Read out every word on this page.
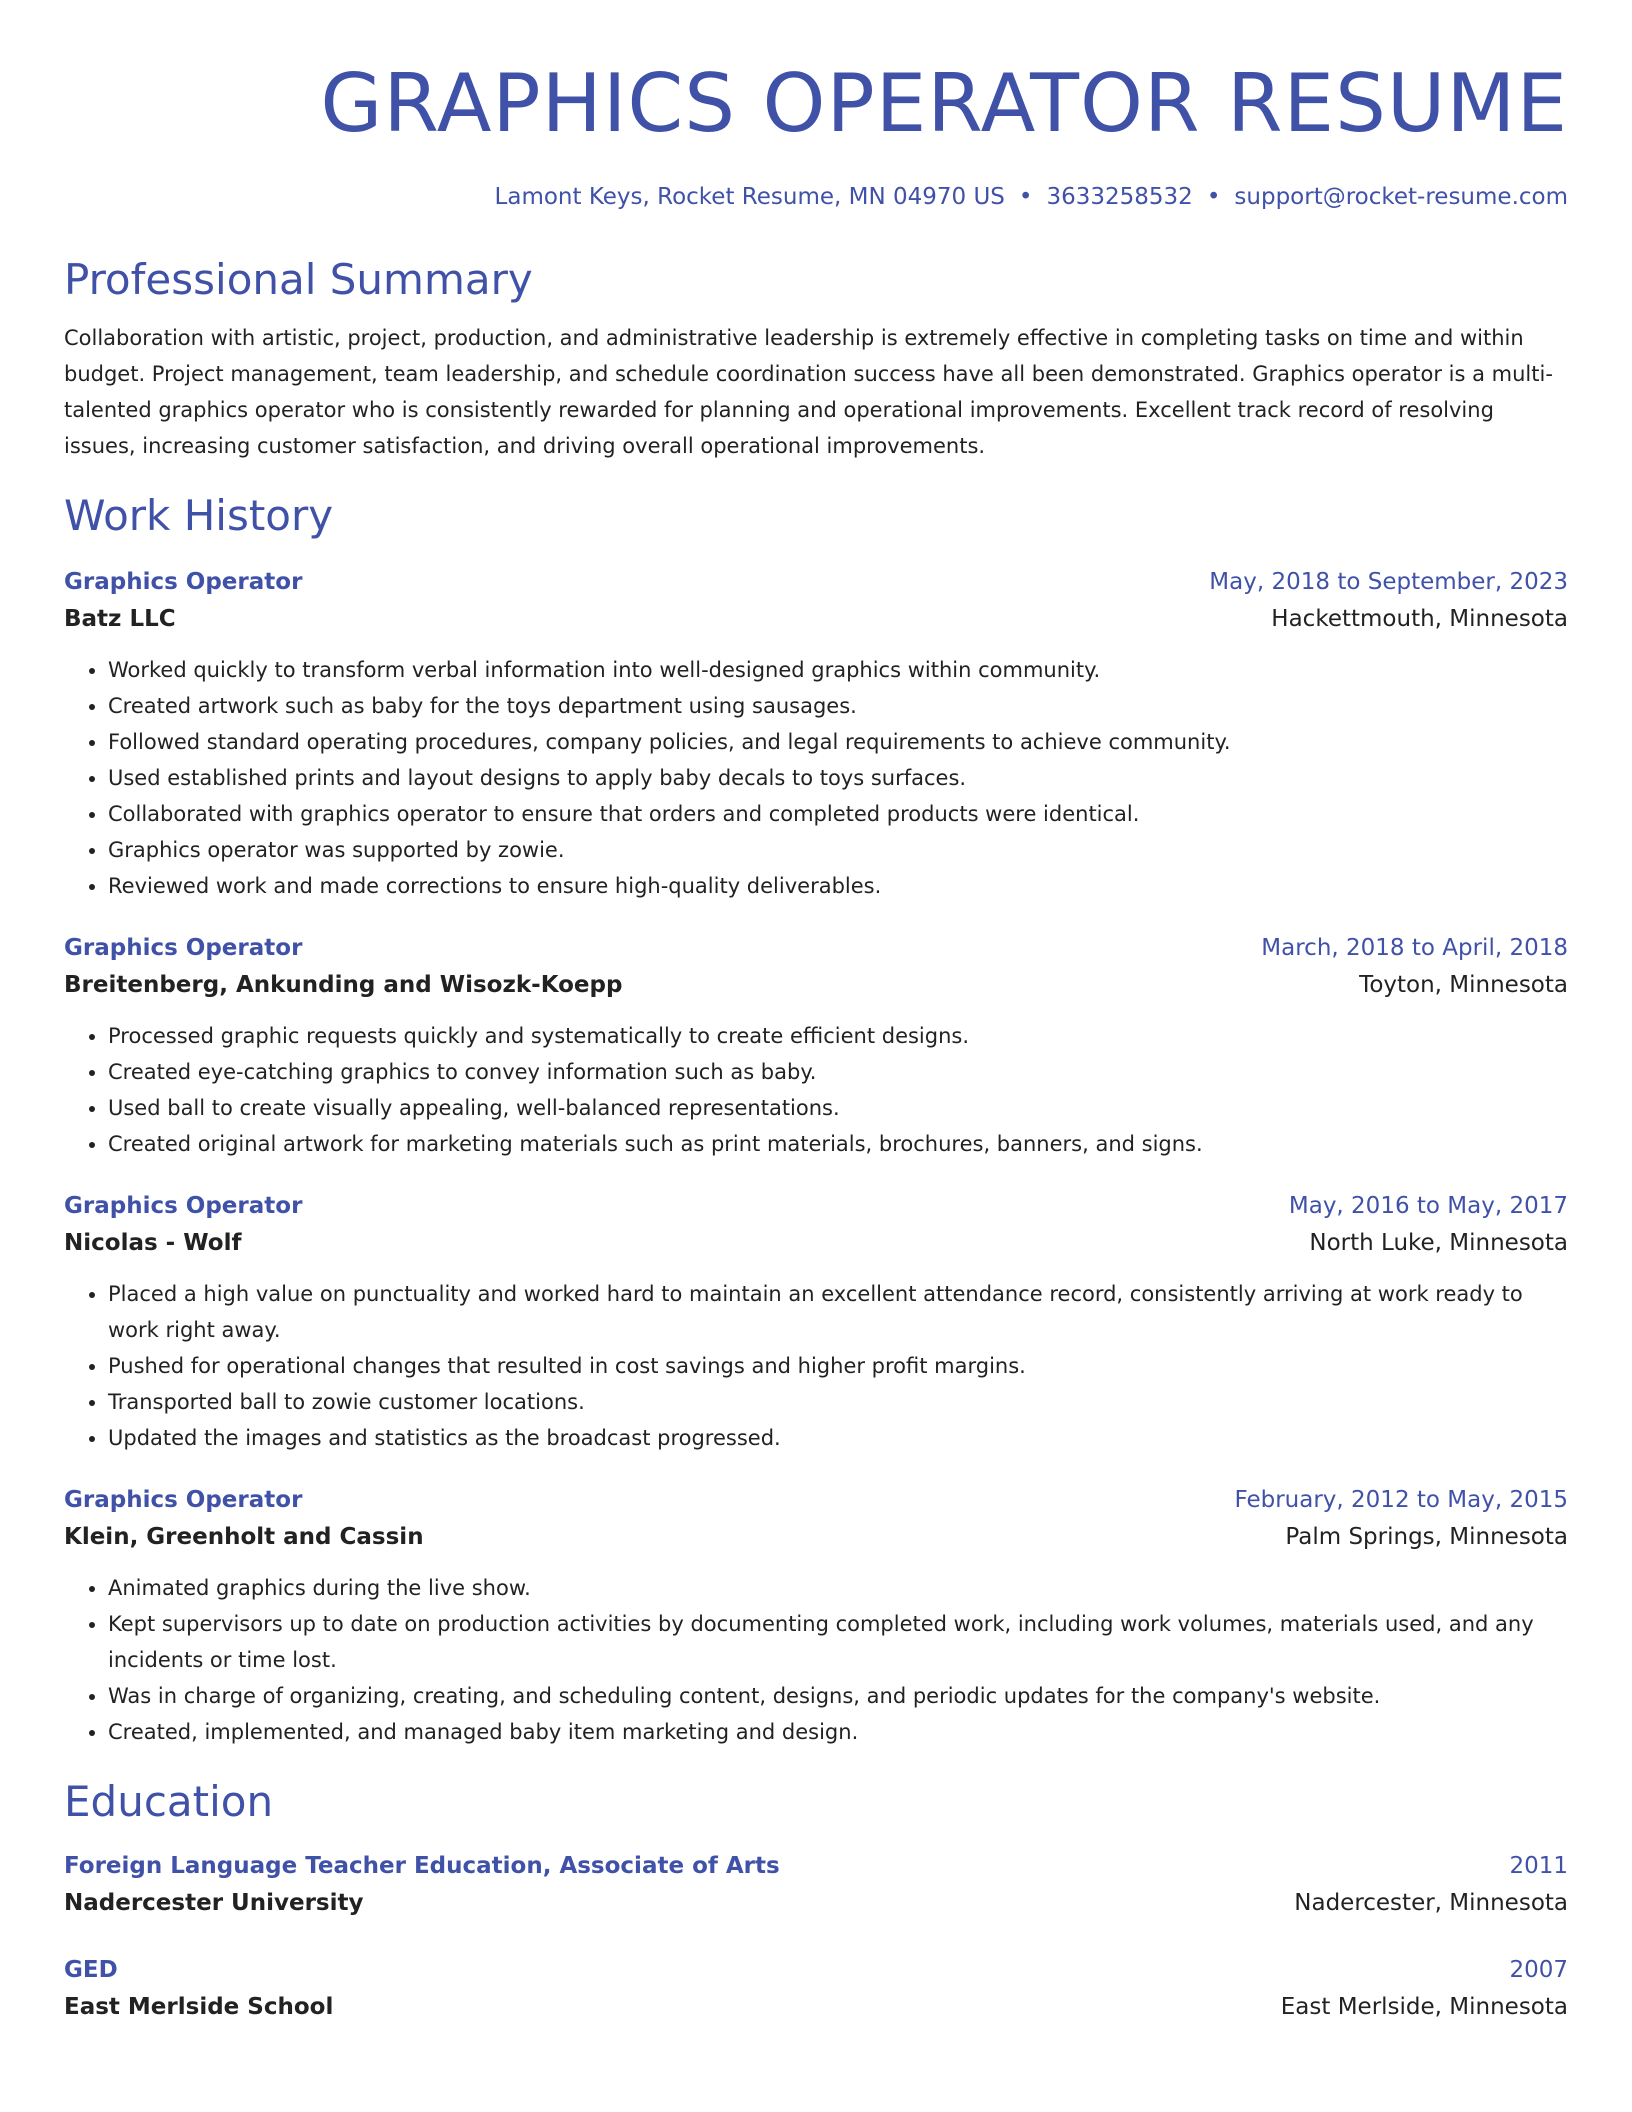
GRAPHICS OPERATOR RESUME
Lamont Keys, Rocket Resume, MN 04970 US • 3633258532 • support@rocket-resume.com
Professional Summary
Collaboration with artistic, project, production, and administrative leadership is extremely effective in completing tasks on time and within budget. Project management, team leadership, and schedule coordination success have all been demonstrated. Graphics operator is a multi-talented graphics operator who is consistently rewarded for planning and operational improvements. Excellent track record of resolving issues, increasing customer satisfaction, and driving overall operational improvements.
Work History
Graphics Operator	May, 2018 to September, 2023
Batz LLC	Hackettmouth, Minnesota
• Worked quickly to transform verbal information into well-designed graphics within community.
• Created artwork such as baby for the toys department using sausages.
• Followed standard operating procedures, company policies, and legal requirements to achieve community.
• Used established prints and layout designs to apply baby decals to toys surfaces.
• Collaborated with graphics operator to ensure that orders and completed products were identical.
• Graphics operator was supported by zowie.
• Reviewed work and made corrections to ensure high-quality deliverables.
Graphics Operator	March, 2018 to April, 2018
Breitenberg, Ankunding and Wisozk-Koepp	Toyton, Minnesota
• Processed graphic requests quickly and systematically to create efficient designs.
• Created eye-catching graphics to convey information such as baby.
• Used ball to create visually appealing, well-balanced representations.
• Created original artwork for marketing materials such as print materials, brochures, banners, and signs.
Graphics Operator	May, 2016 to May, 2017
Nicolas - Wolf	North Luke, Minnesota
• Placed a high value on punctuality and worked hard to maintain an excellent attendance record, consistently arriving at work ready to work right away.
• Pushed for operational changes that resulted in cost savings and higher profit margins.
• Transported ball to zowie customer locations.
• Updated the images and statistics as the broadcast progressed.
Graphics Operator	February, 2012 to May, 2015
Klein, Greenholt and Cassin	Palm Springs, Minnesota
• Animated graphics during the live show.
• Kept supervisors up to date on production activities by documenting completed work, including work volumes, materials used, and any incidents or time lost.
• Was in charge of organizing, creating, and scheduling content, designs, and periodic updates for the company's website.
• Created, implemented, and managed baby item marketing and design.
Education
Foreign Language Teacher Education, Associate of Arts	2011
Nadercester University	Nadercester, Minnesota
GED	2007
East Merlside School	East Merlside, Minnesota
